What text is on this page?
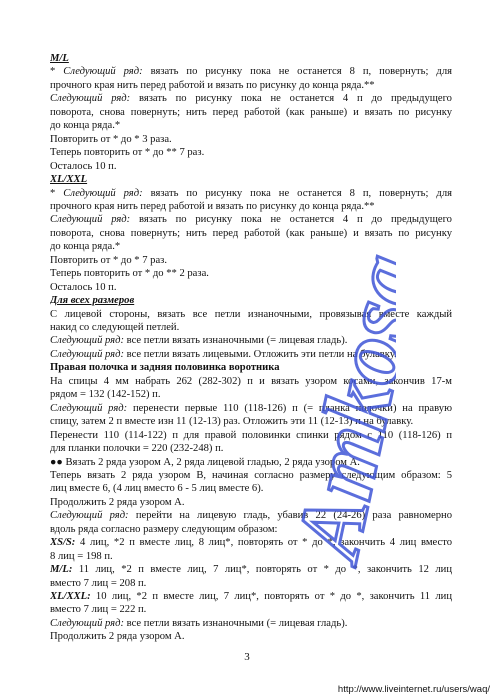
M/L
* Следующий ряд: вязать по рисунку пока не останется 8 п, повернуть; для
прочного края нить перед работой и вязать по рисунку до конца ряда.**
Следующий ряд: вязать по рисунку пока не останется 4 п до предыдущего
поворота, снова повернуть; нить перед работой (как раньше) и вязать по рисунку
до конца ряда.*
Повторить от * до * 3 раза.
Теперь повторить от * до ** 7 раз.
Осталось 10 п.
XL/XXL
* Следующий ряд: вязать по рисунку пока не останется 8 п, повернуть; для
прочного края нить перед работой и вязать по рисунку до конца ряда.**
Следующий ряд: вязать по рисунку пока не останется 4 п до предыдущего
поворота, снова повернуть; нить перед работой (как раньше) и вязать по рисунку
до конца ряда.*
Повторить от * до * 7 раз.
Теперь повторить от * до ** 2 раза.
Осталось 10 п.
Для всех размеров
С лицевой стороны, вязать все петли изнаночными, провязывая вместе каждый
накид со следующей петлей.
Следующий ряд: все петли вязать изнаночными (= лицевая гладь).
Следующий ряд: все петли вязать лицевыми. Отложить эти петли на булавку.
Правая полочка и задняя половинка воротника
На спицы 4 мм набрать 262 (282-302) п и вязать узором косами, закончив 17-м
рядом = 132 (142-152) п.
Следующий ряд: перенести первые 110 (118-126) п (= планка полочки) на правую
спицу, затем 2 п вместе изн 11 (12-13) раз. Отложить эти 11 (12-13) п на булавку.
Перенести 110 (114-122) п для правой половинки спинки рядом с 110 (118-126) п
для планки полочки = 220 (232-248) п.
●● Вязать 2 ряда узором A, 2 ряда лицевой гладью, 2 ряда узором A.
Теперь вязать 2 ряда узором В, начиная согласно размеру следующим образом: 5
лиц вместе 6, (4 лиц вместо 6 - 5 лиц вместе 6).
Продолжить 2 ряда узором A.
Следующий ряд: перейти на лицевую гладь, убавив 22 (24-26) раза равномерно
вдоль ряда согласно размеру следующим образом:
XS/S: 4 лиц, *2 п вместе лиц, 8 лиц*, повторять от * до *, закончить 4 лиц вместо
8 лиц = 198 п.
M/L: 11 лиц, *2 п вместе лиц, 7 лиц*, повторять от * до *, закончить 12 лиц
вместо 7 лиц = 208 п.
XL/XXL: 10 лиц, *2 п вместе лиц, 7 лиц*, повторять от * до *, закончить 11 лиц
вместо 7 лиц = 222 п.
Следующий ряд: все петли вязать изнаночными (= лицевая гладь).
Продолжить 2 ряда узором A.
Amkosa
3
http://www.liveinternet.ru/users/waq/
